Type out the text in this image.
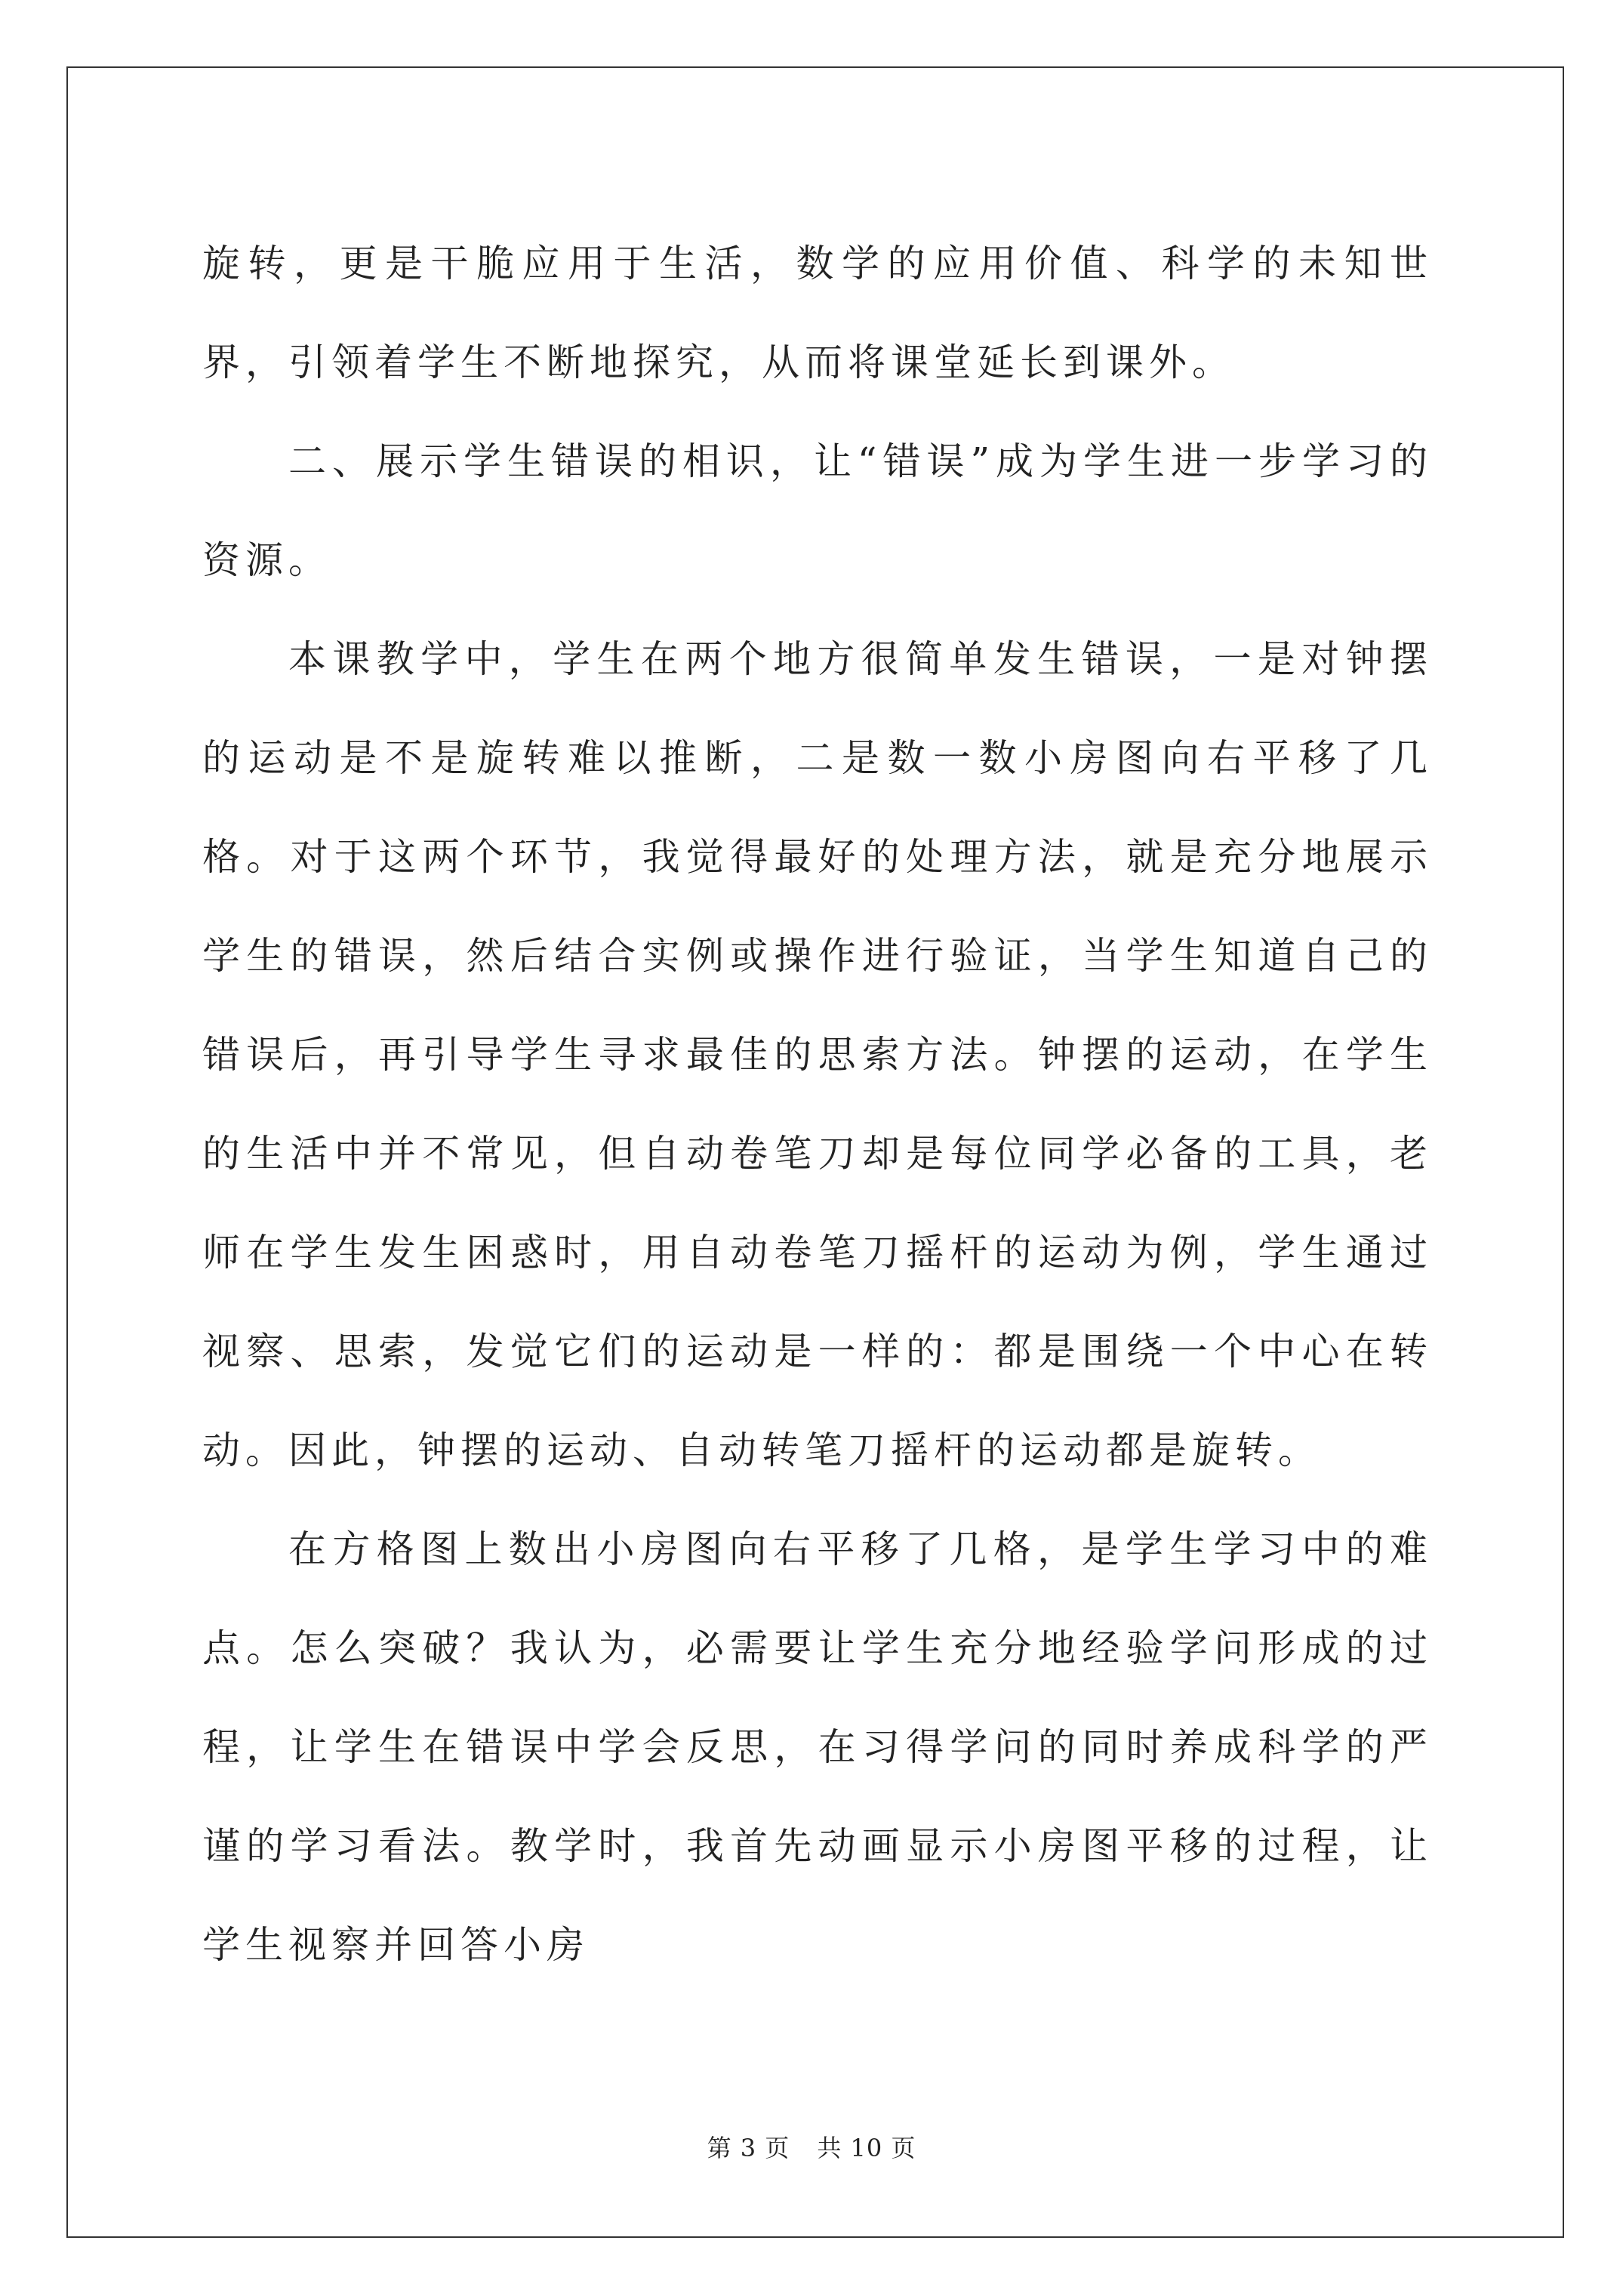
旋转，更是干脆应用于生活，数学的应用价值、科学的未知世界，引领着学生不断地探究，从而将课堂延长到课外。

二、展示学生错误的相识，让“错误”成为学生进一步学习的资源。

本课教学中，学生在两个地方很简单发生错误，一是对钟摆的运动是不是旋转难以推断，二是数一数小房图向右平移了几格。对于这两个环节，我觉得最好的处理方法，就是充分地展示学生的错误，然后结合实例或操作进行验证，当学生知道自己的错误后，再引导学生寻求最佳的思索方法。钟摆的运动，在学生的生活中并不常见，但自动卷笔刀却是每位同学必备的工具，老师在学生发生困惑时，用自动卷笔刀摇杆的运动为例，学生通过视察、思索，发觉它们的运动是一样的：都是围绕一个中心在转动。因此，钟摆的运动、自动转笔刀摇杆的运动都是旋转。

在方格图上数出小房图向右平移了几格，是学生学习中的难点。怎么突破？我认为，必需要让学生充分地经验学问形成的过程，让学生在错误中学会反思，在习得学问的同时养成科学的严谨的学习看法。教学时，我首先动画显示小房图平移的过程，让学生视察并回答小房

第 3 页 共 10 页
